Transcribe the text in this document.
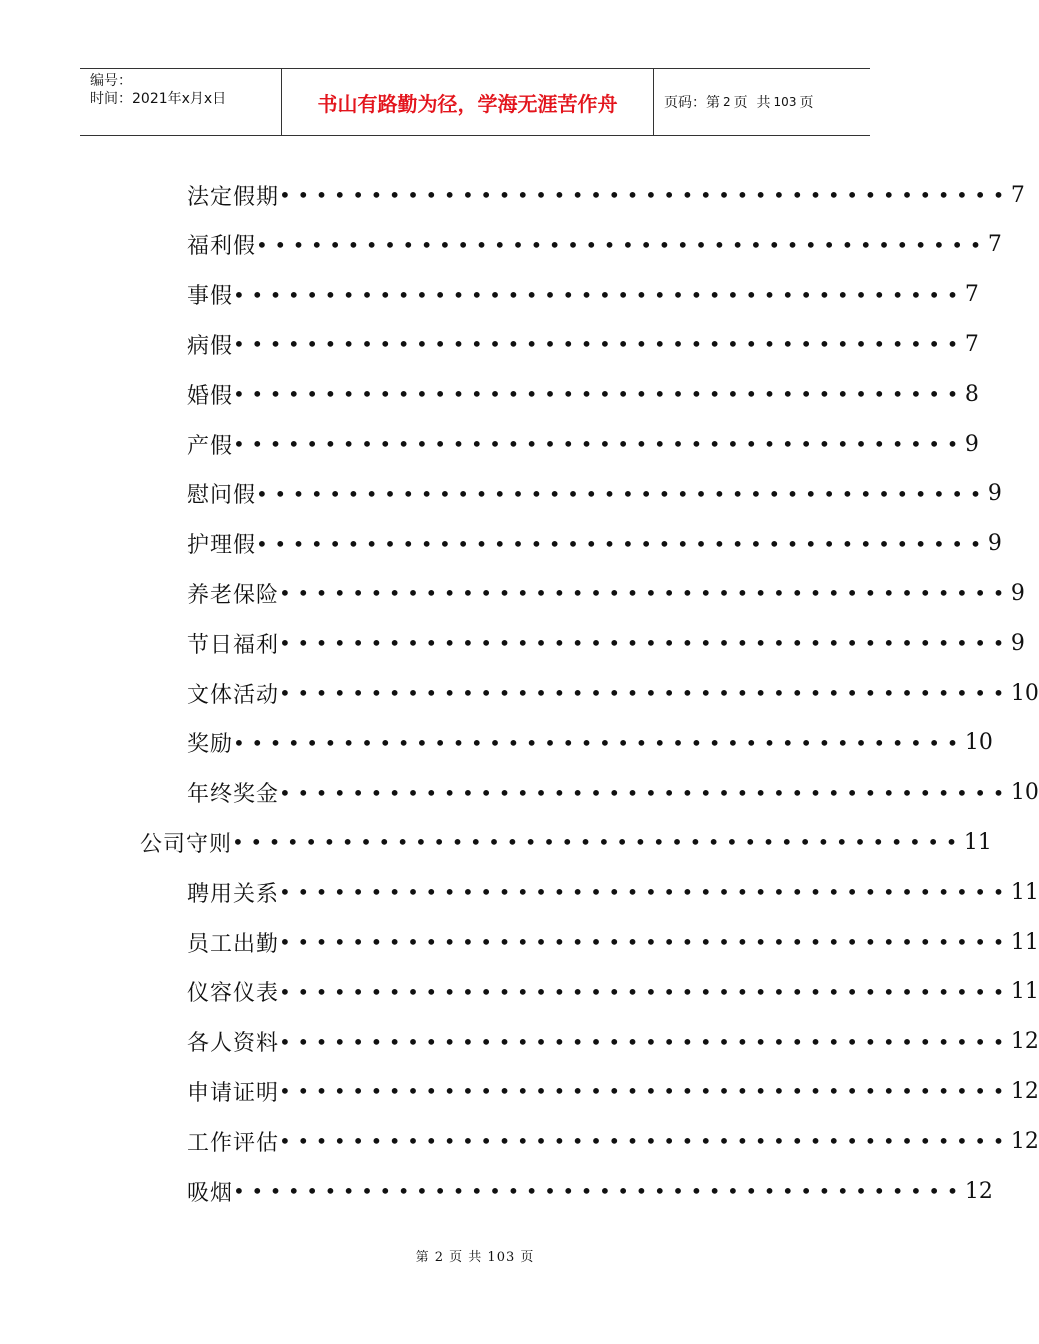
编号：
时间：2021年x月x日	书山有路勤为径，学海无涯苦作舟	页码：第 2 页  共 103 页
法定假期 •••••••••••••••••••••••••••••••••••••••• 7
福利假 •••••••••••••••••••••••••••••••••••••••• 7
事假 •••••••••••••••••••••••••••••••••••••••• 7
病假 •••••••••••••••••••••••••••••••••••••••• 7
婚假 •••••••••••••••••••••••••••••••••••••••• 8
产假 •••••••••••••••••••••••••••••••••••••••• 9
慰问假 •••••••••••••••••••••••••••••••••••••••• 9
护理假 •••••••••••••••••••••••••••••••••••••••• 9
养老保险 •••••••••••••••••••••••••••••••••••••••• 9
节日福利 •••••••••••••••••••••••••••••••••••••••• 9
文体活动 •••••••••••••••••••••••••••••••••••••••• 10
奖励 •••••••••••••••••••••••••••••••••••••••• 10
年终奖金 •••••••••••••••••••••••••••••••••••••••• 10
公司守则 •••••••••••••••••••••••••••••••••••••••• 11
聘用关系 •••••••••••••••••••••••••••••••••••••••• 11
员工出勤 •••••••••••••••••••••••••••••••••••••••• 11
仪容仪表 •••••••••••••••••••••••••••••••••••••••• 11
各人资料 •••••••••••••••••••••••••••••••••••••••• 12
申请证明 •••••••••••••••••••••••••••••••••••••••• 12
工作评估 •••••••••••••••••••••••••••••••••••••••• 12
吸烟 •••••••••••••••••••••••••••••••••••••••• 12
第 2 页 共 103 页
